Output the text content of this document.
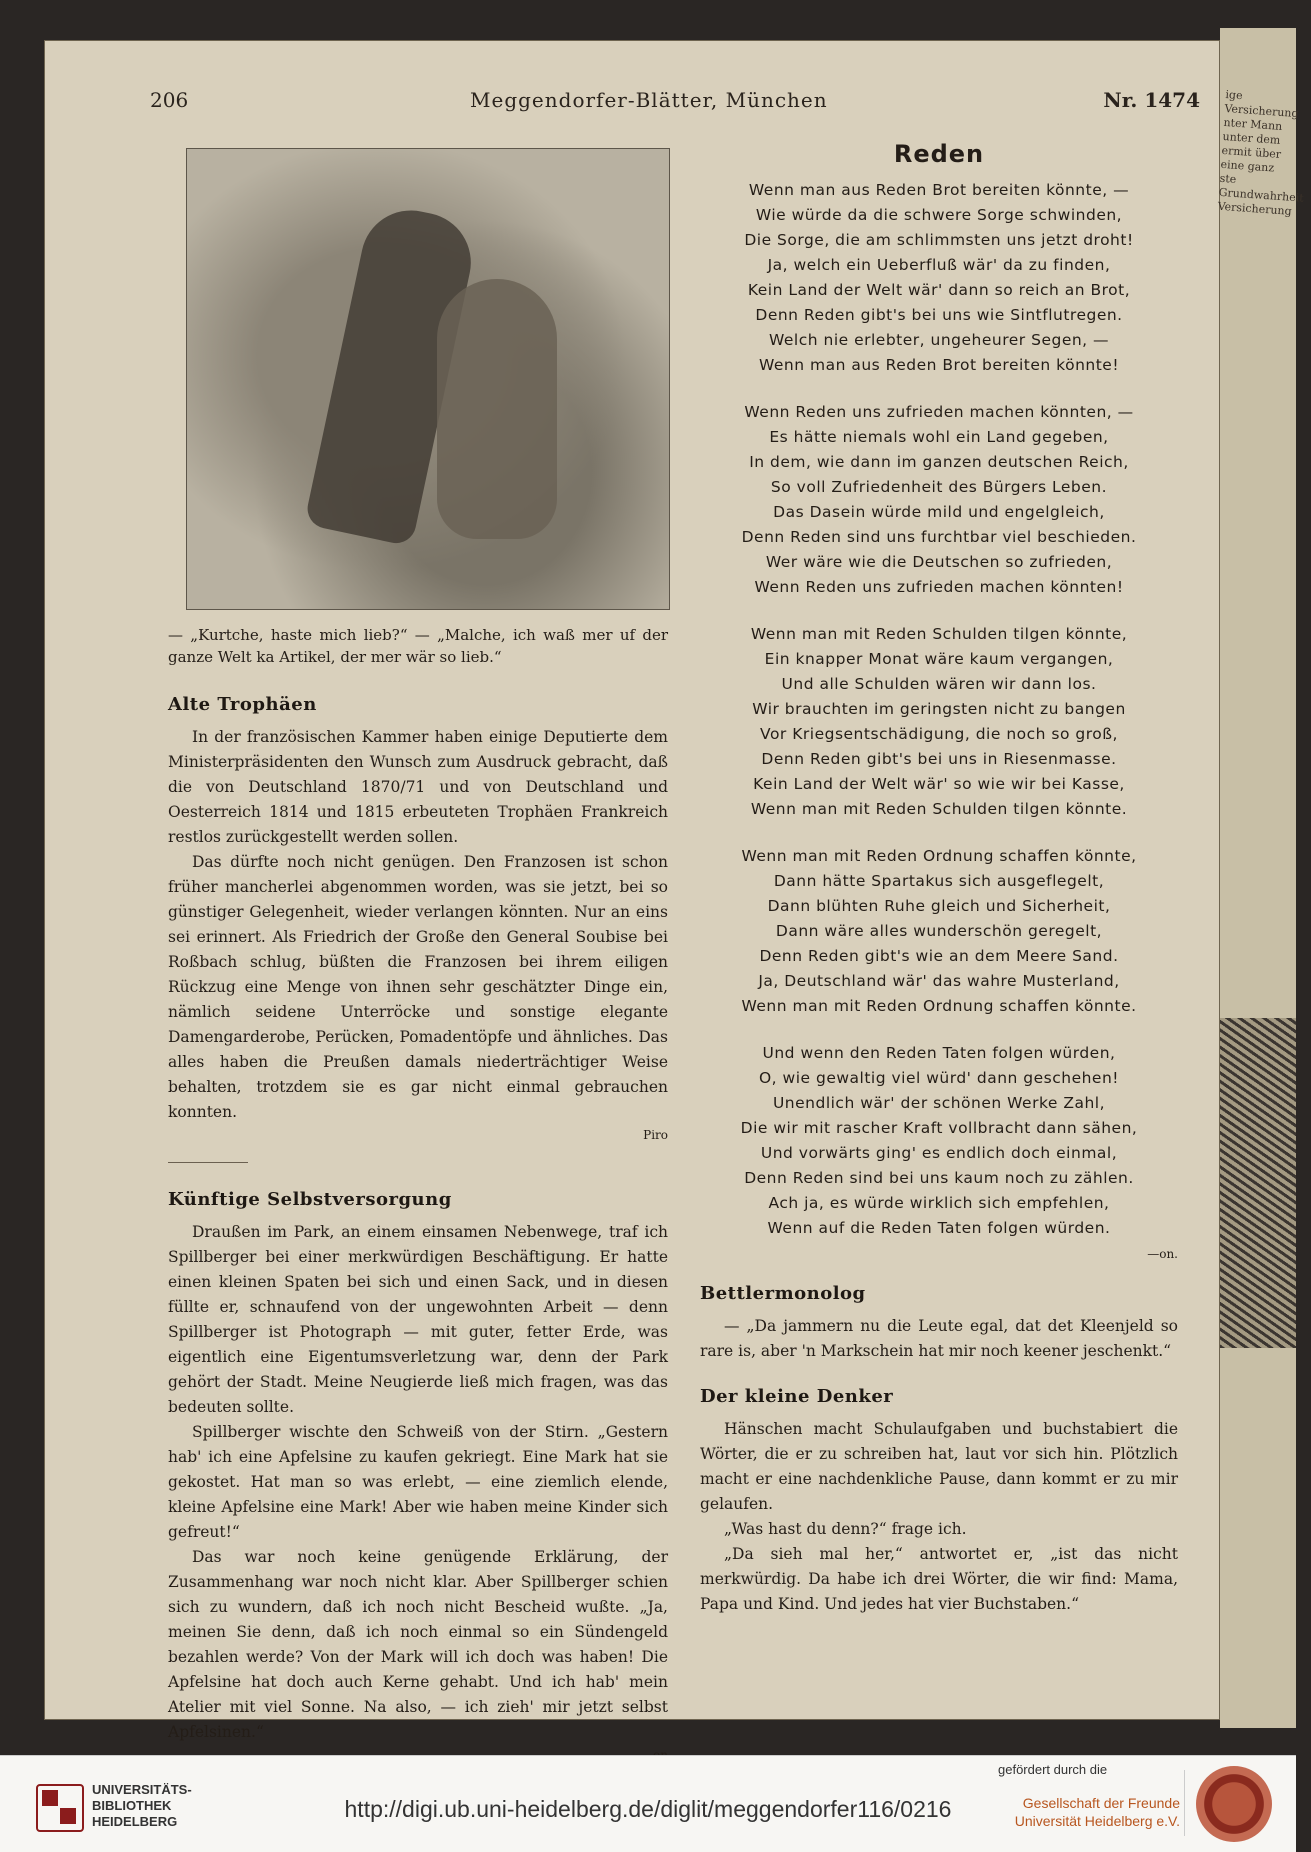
ige Versicherung nter Mann unter dem ermit über eine ganz ste Grundwahrheit Versicherung
206	Meggendorfer-Blätter, München	Nr. 1474
— „Kurtche, haste mich lieb?“ — „Malche, ich waß mer uf der ganze Welt ka Artikel, der mer wär so lieb.“
Alte Trophäen

In der französischen Kammer haben einige Deputierte dem Ministerpräsidenten den Wunsch zum Ausdruck gebracht, daß die von Deutschland 1870/71 und von Deutschland und Oesterreich 1814 und 1815 erbeuteten Trophäen Frankreich restlos zurückgestellt werden sollen.

Das dürfte noch nicht genügen. Den Franzosen ist schon früher mancherlei abgenommen worden, was sie jetzt, bei so günstiger Gelegenheit, wieder verlangen könnten. Nur an eins sei erinnert. Als Friedrich der Große den General Soubise bei Roßbach schlug, büßten die Franzosen bei ihrem eiligen Rückzug eine Menge von ihnen sehr geschätzter Dinge ein, nämlich seidene Unterröcke und sonstige elegante Damengarderobe, Perücken, Pomadentöpfe und ähnliches. Das alles haben die Preußen damals niederträchtiger Weise behalten, trotzdem sie es gar nicht einmal gebrauchen konnten.

Piro
Künftige Selbstversorgung

Draußen im Park, an einem einsamen Nebenwege, traf ich Spillberger bei einer merkwürdigen Beschäftigung. Er hatte einen kleinen Spaten bei sich und einen Sack, und in diesen füllte er, schnaufend von der ungewohnten Arbeit — denn Spillberger ist Photograph — mit guter, fetter Erde, was eigentlich eine Eigentumsverletzung war, denn der Park gehört der Stadt. Meine Neugierde ließ mich fragen, was das bedeuten sollte.

Spillberger wischte den Schweiß von der Stirn. „Gestern hab' ich eine Apfelsine zu kaufen gekriegt. Eine Mark hat sie gekostet. Hat man so was erlebt, — eine ziemlich elende, kleine Apfelsine eine Mark! Aber wie haben meine Kinder sich gefreut!“

Das war noch keine genügende Erklärung, der Zusammenhang war noch nicht klar. Aber Spillberger schien sich zu wundern, daß ich noch nicht Bescheid wußte. „Ja, meinen Sie denn, daß ich noch einmal so ein Sündengeld bezahlen werde? Von der Mark will ich doch was haben! Die Apfelsine hat doch auch Kerne gehabt. Und ich hab' mein Atelier mit viel Sonne. Na also, — ich zieh' mir jetzt selbst Apfelsinen.“

Reden
Wenn man aus Reden Brot bereiten könnte, —
Wie würde da die schwere Sorge schwinden,
Die Sorge, die am schlimmsten uns jetzt droht!
Ja, welch ein Ueberfluß wär' da zu finden,
Kein Land der Welt wär' dann so reich an Brot,
Denn Reden gibt's bei uns wie Sintflutregen.
Welch nie erlebter, ungeheurer Segen, —
Wenn man aus Reden Brot bereiten könnte!
Wenn Reden uns zufrieden machen könnten, —
Es hätte niemals wohl ein Land gegeben,
In dem, wie dann im ganzen deutschen Reich,
So voll Zufriedenheit des Bürgers Leben.
Das Dasein würde mild und engelgleich,
Denn Reden sind uns furchtbar viel beschieden.
Wer wäre wie die Deutschen so zufrieden,
Wenn Reden uns zufrieden machen könnten!
Wenn man mit Reden Schulden tilgen könnte,
Ein knapper Monat wäre kaum vergangen,
Und alle Schulden wären wir dann los.
Wir brauchten im geringsten nicht zu bangen
Vor Kriegsentschädigung, die noch so groß,
Denn Reden gibt's bei uns in Riesenmasse.
Kein Land der Welt wär' so wie wir bei Kasse,
Wenn man mit Reden Schulden tilgen könnte.
Wenn man mit Reden Ordnung schaffen könnte,
Dann hätte Spartakus sich ausgeflegelt,
Dann blühten Ruhe gleich und Sicherheit,
Dann wäre alles wunderschön geregelt,
Denn Reden gibt's wie an dem Meere Sand.
Ja, Deutschland wär' das wahre Musterland,
Wenn man mit Reden Ordnung schaffen könnte.
Und wenn den Reden Taten folgen würden,
O, wie gewaltig viel würd' dann geschehen!
Unendlich wär' der schönen Werke Zahl,
Die wir mit rascher Kraft vollbracht dann sähen,
Und vorwärts ging' es endlich doch einmal,
Denn Reden sind bei uns kaum noch zu zählen.
Ach ja, es würde wirklich sich empfehlen,
Wenn auf die Reden Taten folgen würden.
—on.
Bettlermonolog

— „Da jammern nu die Leute egal, dat det Kleenjeld so rare is, aber 'n Markschein hat mir noch keener jeschenkt.“

Der kleine Denker

Hänschen macht Schulaufgaben und buchstabiert die Wörter, die er zu schreiben hat, laut vor sich hin. Plötzlich macht er eine nachdenkliche Pause, dann kommt er zu mir gelaufen.

„Was hast du denn?“ frage ich.

„Da sieh mal her,“ antwortet er, „ist das nicht merkwürdig. Da habe ich drei Wörter, die wir find: Mama, Papa und Kind. Und jedes hat vier Buchstaben.“

UNIVERSITÄTS-
BIBLIOTHEK
HEIDELBERG	http://digi.ub.uni-heidelberg.de/diglit/meggendorfer116/0216
gefördert durch die
Gesellschaft der Freunde
Universität Heidelberg e.V.
